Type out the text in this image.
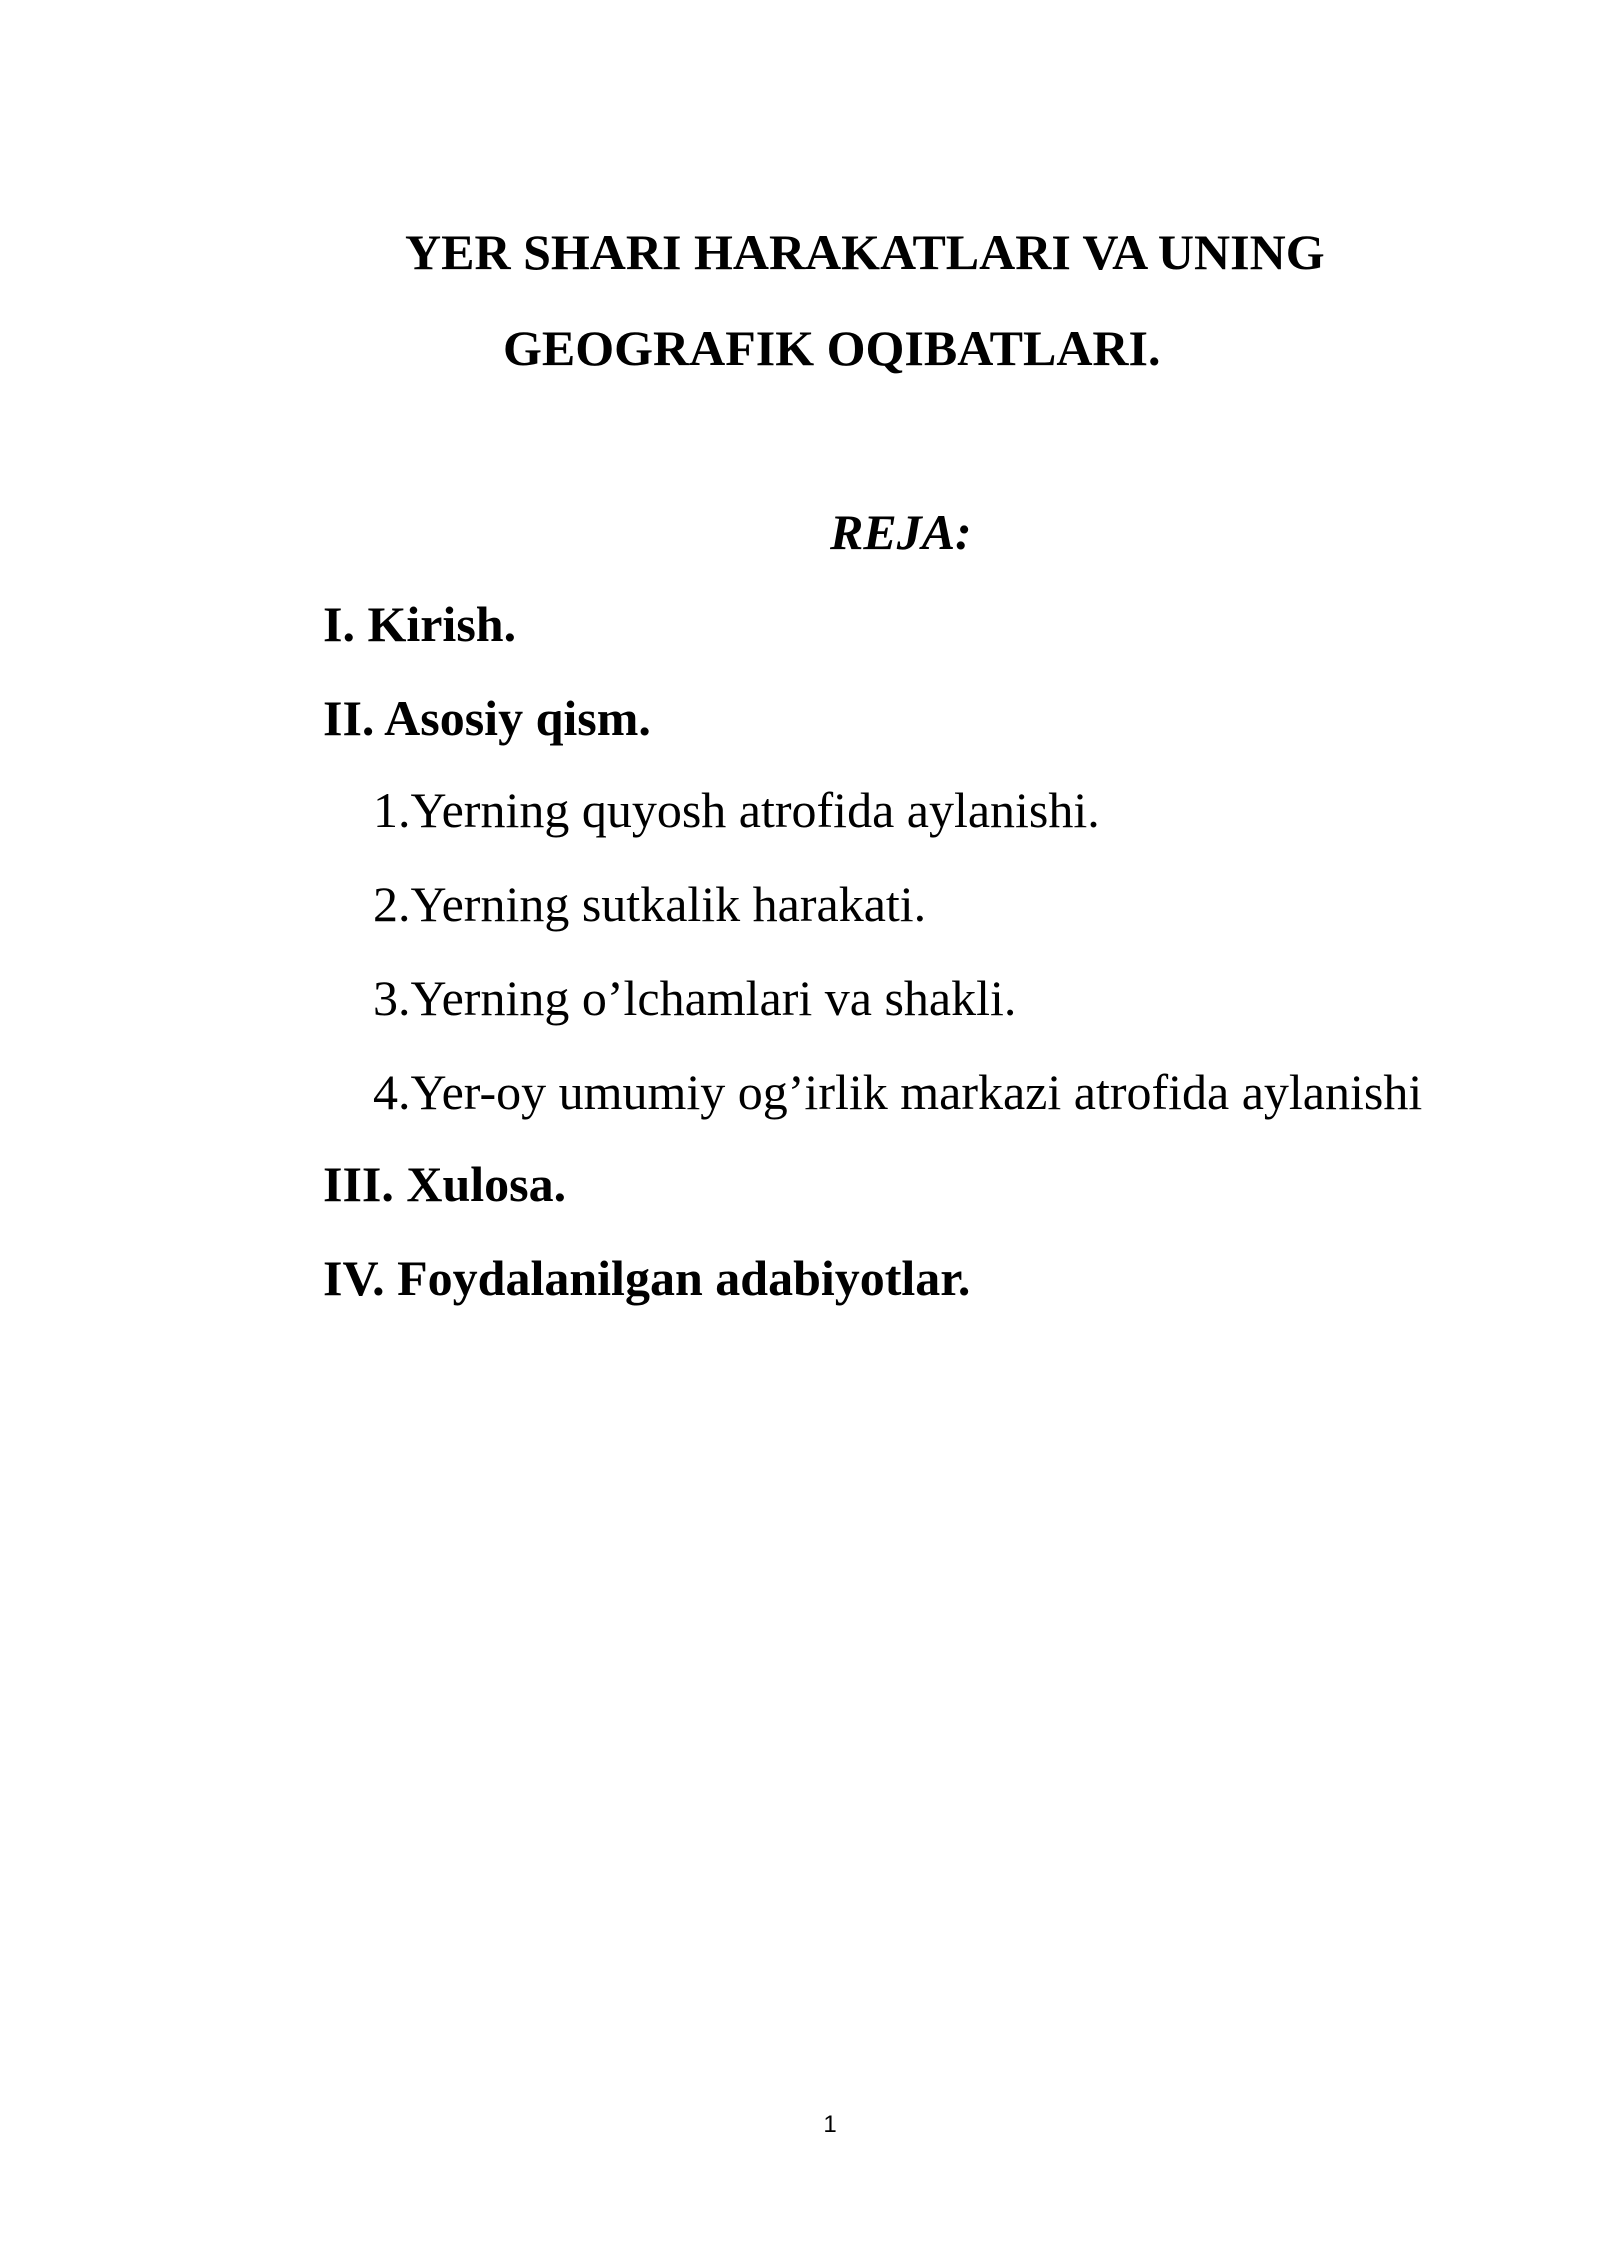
YER SHARI HARAKATLARI VA UNING
GEOGRAFIK OQIBATLARI.
REJA:
I. Kirish.
II. Asosiy qism.
1.Yerning quyosh atrofida aylanishi.
2.Yerning sutkalik harakati.
3.Yerning o’lchamlari va shakli.
4.Yer-oy umumiy og’irlik markazi atrofida aylanishi
III. Xulosa.
IV. Foydalanilgan adabiyotlar.
1
